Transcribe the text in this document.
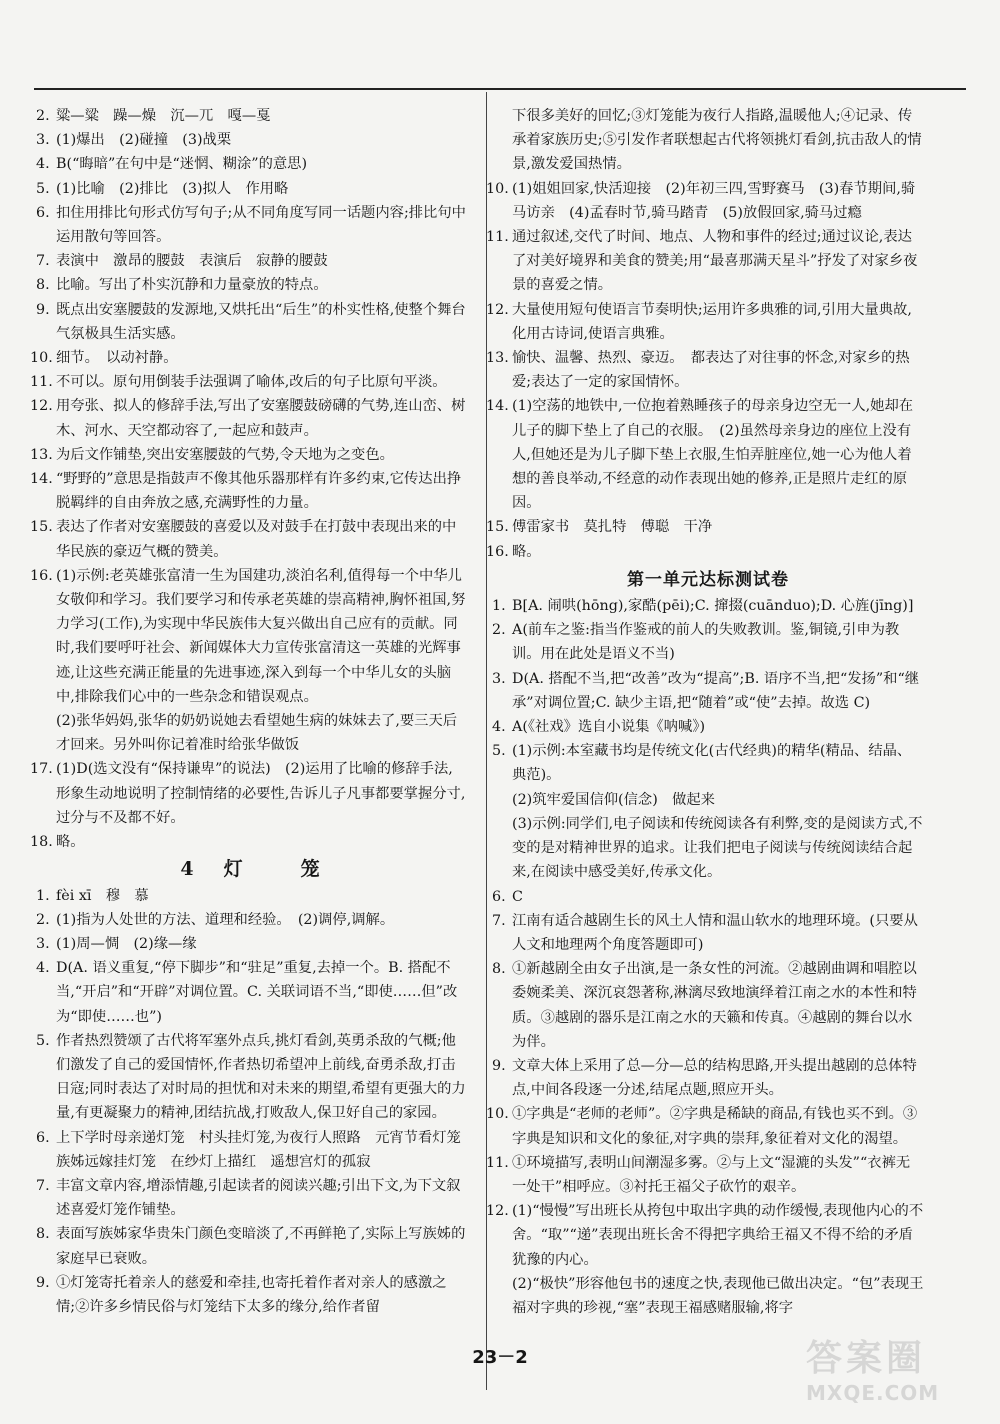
2. 粱—粱　躁—燥　沉—兀　嘎—戛
3. (1)爆出　(2)碰撞　(3)战栗
4. B(“晦暗”在句中是“迷惘、糊涂”的意思)
5. (1)比喻　(2)排比　(3)拟人　作用略
6. 扣住用排比句形式仿写句子;从不同角度写同一话题内容;排比句中运用散句等回答。
7. 表演中　激昂的腰鼓　表演后　寂静的腰鼓
8. 比喻。写出了朴实沉静和力量豪放的特点。
9. 既点出安塞腰鼓的发源地,又烘托出“后生”的朴实性格,使整个舞台气氛极具生活实感。
10. 细节。　以动衬静。
11. 不可以。原句用倒装手法强调了喻体,改后的句子比原句平淡。
12. 用夸张、拟人的修辞手法,写出了安塞腰鼓磅礴的气势,连山峦、树木、河水、天空都动容了,一起应和鼓声。
13. 为后文作铺垫,突出安塞腰鼓的气势,令天地为之变色。
14. “野野的”意思是指鼓声不像其他乐器那样有许多约束,它传达出挣脱羁绊的自由奔放之感,充满野性的力量。
15. 表达了作者对安塞腰鼓的喜爱以及对鼓手在打鼓中表现出来的中华民族的豪迈气概的赞美。
16. (1)示例:老英雄张富清一生为国建功,淡泊名利,值得每一个中华儿女敬仰和学习。我们要学习和传承老英雄的崇高精神,胸怀祖国,努力学习(工作),为实现中华民族伟大复兴做出自己应有的贡献。同时,我们要呼吁社会、新闻媒体大力宣传张富清这一英雄的光辉事迹,让这些充满正能量的先进事迹,深入到每一个中华儿女的头脑中,排除我们心中的一些杂念和错误观点。
(2)张华妈妈,张华的奶奶说她去看望她生病的妹妹去了,要三天后才回来。另外叫你记着准时给张华做饭
17. (1)D(选文没有“保持谦卑”的说法)　(2)运用了比喻的修辞手法,形象生动地说明了控制情绪的必要性,告诉儿子凡事都要掌握分寸,过分与不及都不好。
18. 略。
4 灯	笼
1. fèi xī　穆　慕
2. (1)指为人处世的方法、道理和经验。　(2)调停,调解。
3. (1)周—惆　(2)缘—缘
4. D(A. 语义重复,“停下脚步”和“驻足”重复,去掉一个。B. 搭配不当,“开启”和“开辟”对调位置。C. 关联词语不当,“即使……但”改为“即使……也”)
5. 作者热烈赞颂了古代将军塞外点兵,挑灯看剑,英勇杀敌的气概;他们激发了自己的爱国情怀,作者热切希望冲上前线,奋勇杀敌,打击日寇;同时表达了对时局的担忧和对未来的期望,希望有更强大的力量,有更凝聚力的精神,团结抗战,打败敌人,保卫好自己的家园。
6. 上下学时母亲递灯笼　村头挂灯笼,为夜行人照路　元宵节看灯笼　族姊远嫁挂灯笼　在纱灯上描红　遥想宫灯的孤寂
7. 丰富文章内容,增添情趣,引起读者的阅读兴趣;引出下文,为下文叙述喜爱灯笼作铺垫。
8. 表面写族姊家华贵朱门颜色变暗淡了,不再鲜艳了,实际上写族姊的家庭早已衰败。
9. ①灯笼寄托着亲人的慈爱和牵挂,也寄托着作者对亲人的感激之情;②许多乡情民俗与灯笼结下太多的缘分,给作者留
下很多美好的回忆;③灯笼能为夜行人指路,温暖他人;④记录、传承着家族历史;⑤引发作者联想起古代将领挑灯看剑,抗击敌人的情景,激发爱国热情。
10. (1)姐姐回家,快活迎接　(2)年初三四,雪野赛马　(3)春节期间,骑马访亲　(4)孟春时节,骑马踏青　(5)放假回家,骑马过瘾
11. 通过叙述,交代了时间、地点、人物和事件的经过;通过议论,表达了对美好境界和美食的赞美;用“最喜那满天星斗”抒发了对家乡夜景的喜爱之情。
12. 大量使用短句使语言节奏明快;运用许多典雅的词,引用大量典故,化用古诗词,使语言典雅。
13. 愉快、温馨、热烈、豪迈。　都表达了对往事的怀念,对家乡的热爱;表达了一定的家国情怀。
14. (1)空荡的地铁中,一位抱着熟睡孩子的母亲身边空无一人,她却在儿子的脚下垫上了自己的衣服。　(2)虽然母亲身边的座位上没有人,但她还是为儿子脚下垫上衣服,生怕弄脏座位,她一心为他人着想的善良举动,不经意的动作表现出她的修养,正是照片走红的原因。
15. 傅雷家书　莫扎特　傅聪　干净
16. 略。
第一单元达标测试卷
1. B[A. 闹哄(hōng),家酷(pēi);C. 撺掇(cuānduo);D. 心旌(jīng)]
2. A(前车之鉴:指当作鉴戒的前人的失败教训。鉴,铜镜,引申为教训。用在此处是语义不当)
3. D(A. 搭配不当,把“改善”改为“提高”;B. 语序不当,把“发扬”和“继承”对调位置;C. 缺少主语,把“随着”或“使”去掉。故选 C)
4. A(《社戏》选自小说集《呐喊》)
5. (1)示例:本室藏书均是传统文化(古代经典)的精华(精品、结晶、典范)。
(2)筑牢爱国信仰(信念)　做起来
(3)示例:同学们,电子阅读和传统阅读各有利弊,变的是阅读方式,不变的是对精神世界的追求。让我们把电子阅读与传统阅读结合起来,在阅读中感受美好,传承文化。
6. C
7. 江南有适合越剧生长的风土人情和温山软水的地理环境。(只要从人文和地理两个角度答题即可)
8. ①新越剧全由女子出演,是一条女性的河流。②越剧曲调和唱腔以委婉柔美、深沉哀怨著称,淋漓尽致地演绎着江南之水的本性和特质。③越剧的器乐是江南之水的天籁和传真。④越剧的舞台以水为伴。
9. 文章大体上采用了总—分—总的结构思路,开头提出越剧的总体特点,中间各段逐一分述,结尾点题,照应开头。
10. ①字典是“老师的老师”。②字典是稀缺的商品,有钱也买不到。③字典是知识和文化的象征,对字典的崇拜,象征着对文化的渴望。
11. ①环境描写,表明山间潮湿多雾。②与上文“湿漉的头发”“衣裤无一处干”相呼应。③衬托王福父子砍竹的艰辛。
12. (1)“慢慢”写出班长从挎包中取出字典的动作缓慢,表现他内心的不舍。“取”“递”表现出班长舍不得把字典给王福又不得不给的矛盾犹豫的内心。
(2)“极快”形容他包书的速度之快,表现他已做出决定。“包”表现王福对字典的珍视,“塞”表现王福感赌服输,将字
23－2	答案圈
MXQE.COM
